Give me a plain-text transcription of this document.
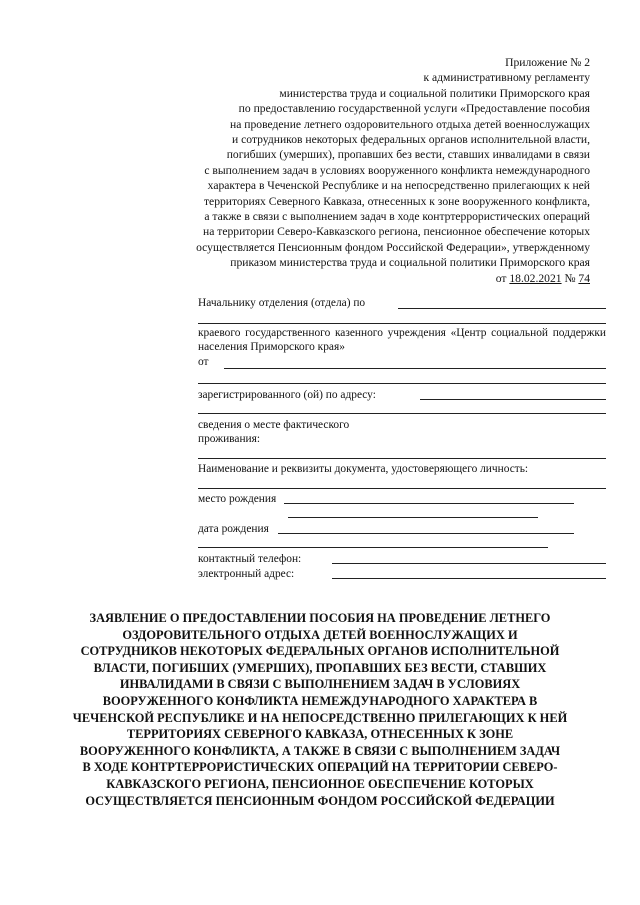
Приложение № 2
к административному регламенту
министерства труда и социальной политики Приморского края
по предоставлению государственной услуги «Предоставление пособия
на проведение летнего оздоровительного отдыха детей военнослужащих
и сотрудников некоторых федеральных органов исполнительной власти,
погибших (умерших), пропавших без вести, ставших инвалидами в связи
с выполнением задач в условиях вооруженного конфликта немеждународного
характера в Чеченской Республике и на непосредственно прилегающих к ней
территориях Северного Кавказа, отнесенных к зоне вооруженного конфликта,
а также в связи с выполнением задач в ходе контртеррористических операций
на территории Северо-Кавказского региона, пенсионное обеспечение которых
осуществляется Пенсионным фондом Российской Федерации», утвержденному
приказом министерства труда и социальной политики Приморского края
от 18.02.2021 № 74
Начальнику отделения (отдела) по
краевого государственного казенного учреждения «Центр социальной поддержки населения Приморского края»
от
зарегистрированного (ой) по адресу:
сведения о месте фактического
проживания:
Наименование и реквизиты документа, удостоверяющего личность:
место рождения
дата рождения
контактный телефон:
электронный адрес:
ЗАЯВЛЕНИЕ О ПРЕДОСТАВЛЕНИИ ПОСОБИЯ НА ПРОВЕДЕНИЕ ЛЕТНЕГО
ОЗДОРОВИТЕЛЬНОГО ОТДЫХА ДЕТЕЙ ВОЕННОСЛУЖАЩИХ И
СОТРУДНИКОВ НЕКОТОРЫХ ФЕДЕРАЛЬНЫХ ОРГАНОВ ИСПОЛНИТЕЛЬНОЙ
ВЛАСТИ, ПОГИБШИХ (УМЕРШИХ), ПРОПАВШИХ БЕЗ ВЕСТИ, СТАВШИХ
ИНВАЛИДАМИ В СВЯЗИ С ВЫПОЛНЕНИЕМ ЗАДАЧ В УСЛОВИЯХ
ВООРУЖЕННОГО КОНФЛИКТА НЕМЕЖДУНАРОДНОГО ХАРАКТЕРА В
ЧЕЧЕНСКОЙ РЕСПУБЛИКЕ И НА НЕПОСРЕДСТВЕННО ПРИЛЕГАЮЩИХ К НЕЙ
ТЕРРИТОРИЯХ СЕВЕРНОГО КАВКАЗА, ОТНЕСЕННЫХ К ЗОНЕ
ВООРУЖЕННОГО КОНФЛИКТА, А ТАКЖЕ В СВЯЗИ С ВЫПОЛНЕНИЕМ ЗАДАЧ
В ХОДЕ КОНТРТЕРРОРИСТИЧЕСКИХ ОПЕРАЦИЙ НА ТЕРРИТОРИИ СЕВЕРО-
КАВКАЗСКОГО РЕГИОНА, ПЕНСИОННОЕ ОБЕСПЕЧЕНИЕ КОТОРЫХ
ОСУЩЕСТВЛЯЕТСЯ ПЕНСИОННЫМ ФОНДОМ РОССИЙСКОЙ ФЕДЕРАЦИИ
